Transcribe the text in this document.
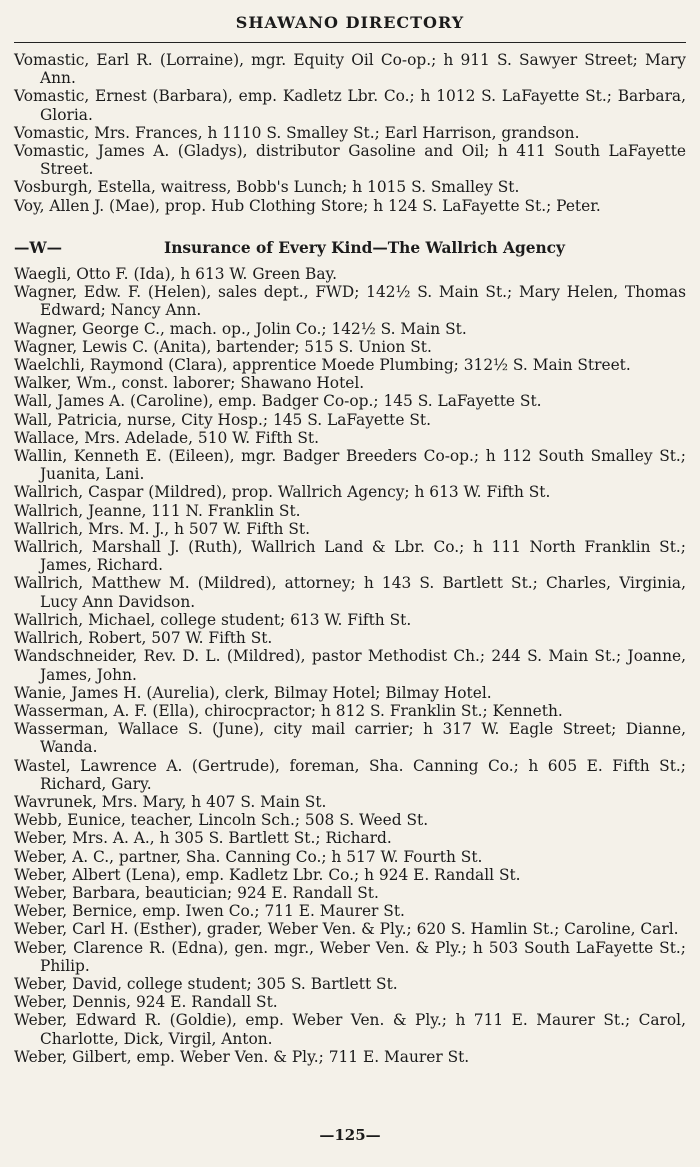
SHAWANO DIRECTORY
Vomastic, Earl R. (Lorraine), mgr. Equity Oil Co-op.; h 911 S. Sawyer Street; Mary Ann.
Vomastic, Ernest (Barbara), emp. Kadletz Lbr. Co.; h 1012 S. LaFayette St.; Barbara, Gloria.
Vomastic, Mrs. Frances, h 1110 S. Smalley St.; Earl Harrison, grandson.
Vomastic, James A. (Gladys), distributor Gasoline and Oil; h 411 South LaFayette Street.
Vosburgh, Estella, waitress, Bobb's Lunch; h 1015 S. Smalley St.
Voy, Allen J. (Mae), prop. Hub Clothing Store; h 124 S. LaFayette St.; Peter.
—W—	Insurance of Every Kind—The Wallrich Agency
Waegli, Otto F. (Ida), h 613 W. Green Bay.
Wagner, Edw. F. (Helen), sales dept., FWD; 142½ S. Main St.; Mary Helen, Thomas Edward; Nancy Ann.
Wagner, George C., mach. op., Jolin Co.; 142½ S. Main St.
Wagner, Lewis C. (Anita), bartender; 515 S. Union St.
Waelchli, Raymond (Clara), apprentice Moede Plumbing; 312½ S. Main Street.
Walker, Wm., const. laborer; Shawano Hotel.
Wall, James A. (Caroline), emp. Badger Co-op.; 145 S. LaFayette St.
Wall, Patricia, nurse, City Hosp.; 145 S. LaFayette St.
Wallace, Mrs. Adelade, 510 W. Fifth St.
Wallin, Kenneth E. (Eileen), mgr. Badger Breeders Co-op.; h 112 South Smalley St.; Juanita, Lani.
Wallrich, Caspar (Mildred), prop. Wallrich Agency; h 613 W. Fifth St.
Wallrich, Jeanne, 111 N. Franklin St.
Wallrich, Mrs. M. J., h 507 W. Fifth St.
Wallrich, Marshall J. (Ruth), Wallrich Land & Lbr. Co.; h 111 North Franklin St.; James, Richard.
Wallrich, Matthew M. (Mildred), attorney; h 143 S. Bartlett St.; Charles, Virginia, Lucy Ann Davidson.
Wallrich, Michael, college student; 613 W. Fifth St.
Wallrich, Robert, 507 W. Fifth St.
Wandschneider, Rev. D. L. (Mildred), pastor Methodist Ch.; 244 S. Main St.; Joanne, James, John.
Wanie, James H. (Aurelia), clerk, Bilmay Hotel; Bilmay Hotel.
Wasserman, A. F. (Ella), chirocpractor; h 812 S. Franklin St.; Kenneth.
Wasserman, Wallace S. (June), city mail carrier; h 317 W. Eagle Street; Dianne, Wanda.
Wastel, Lawrence A. (Gertrude), foreman, Sha. Canning Co.; h 605 E. Fifth St.; Richard, Gary.
Wavrunek, Mrs. Mary, h 407 S. Main St.
Webb, Eunice, teacher, Lincoln Sch.; 508 S. Weed St.
Weber, Mrs. A. A., h 305 S. Bartlett St.; Richard.
Weber, A. C., partner, Sha. Canning Co.; h 517 W. Fourth St.
Weber, Albert (Lena), emp. Kadletz Lbr. Co.; h 924 E. Randall St.
Weber, Barbara, beautician; 924 E. Randall St.
Weber, Bernice, emp. Iwen Co.; 711 E. Maurer St.
Weber, Carl H. (Esther), grader, Weber Ven. & Ply.; 620 S. Hamlin St.; Caroline, Carl.
Weber, Clarence R. (Edna), gen. mgr., Weber Ven. & Ply.; h 503 South LaFayette St.; Philip.
Weber, David, college student; 305 S. Bartlett St.
Weber, Dennis, 924 E. Randall St.
Weber, Edward R. (Goldie), emp. Weber Ven. & Ply.; h 711 E. Maurer St.; Carol, Charlotte, Dick, Virgil, Anton.
Weber, Gilbert, emp. Weber Ven. & Ply.; 711 E. Maurer St.
—125—
